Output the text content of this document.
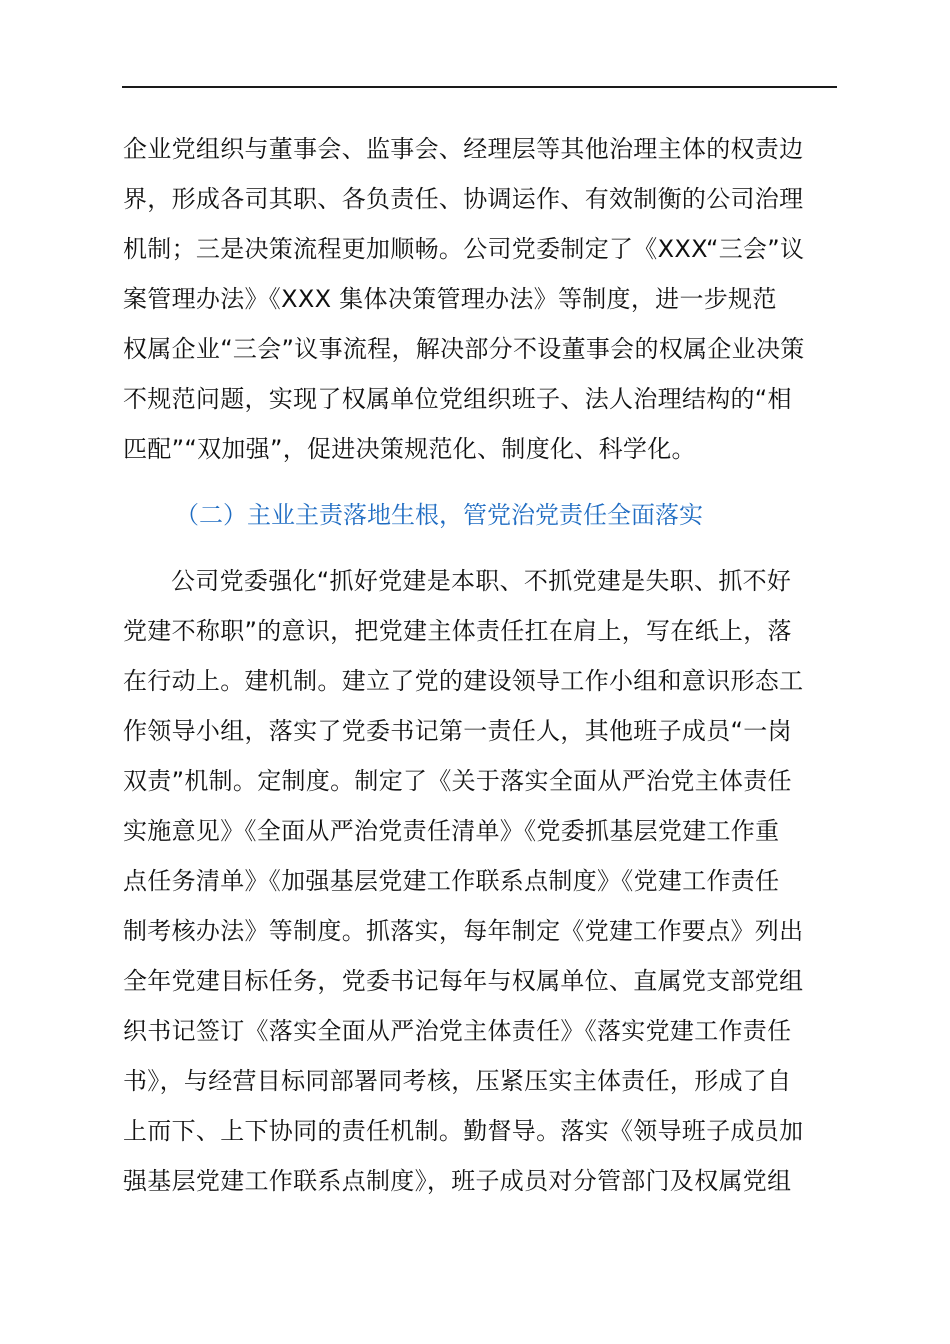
企业党组织与董事会、监事会、经理层等其他治理主体的权责边
界，形成各司其职、各负责任、协调运作、有效制衡的公司治理
机制；三是决策流程更加顺畅。公司党委制定了《XXX“三会”议
案管理办法》《XXX 集体决策管理办法》等制度，进一步规范
权属企业“三会”议事流程，解决部分不设董事会的权属企业决策
不规范问题，实现了权属单位党组织班子、法人治理结构的“相
匹配”“双加强”，促进决策规范化、制度化、科学化。
（二）主业主责落地生根，管党治党责任全面落实
公司党委强化“抓好党建是本职、不抓党建是失职、抓不好
党建不称职”的意识，把党建主体责任扛在肩上，写在纸上，落
在行动上。建机制。建立了党的建设领导工作小组和意识形态工
作领导小组，落实了党委书记第一责任人，其他班子成员“一岗
双责”机制。定制度。制定了《关于落实全面从严治党主体责任
实施意见》《全面从严治党责任清单》《党委抓基层党建工作重
点任务清单》《加强基层党建工作联系点制度》《党建工作责任
制考核办法》等制度。抓落实，每年制定《党建工作要点》列出
全年党建目标任务，党委书记每年与权属单位、直属党支部党组
织书记签订《落实全面从严治党主体责任》《落实党建工作责任
书》，与经营目标同部署同考核，压紧压实主体责任，形成了自
上而下、上下协同的责任机制。勤督导。落实《领导班子成员加
强基层党建工作联系点制度》，班子成员对分管部门及权属党组
